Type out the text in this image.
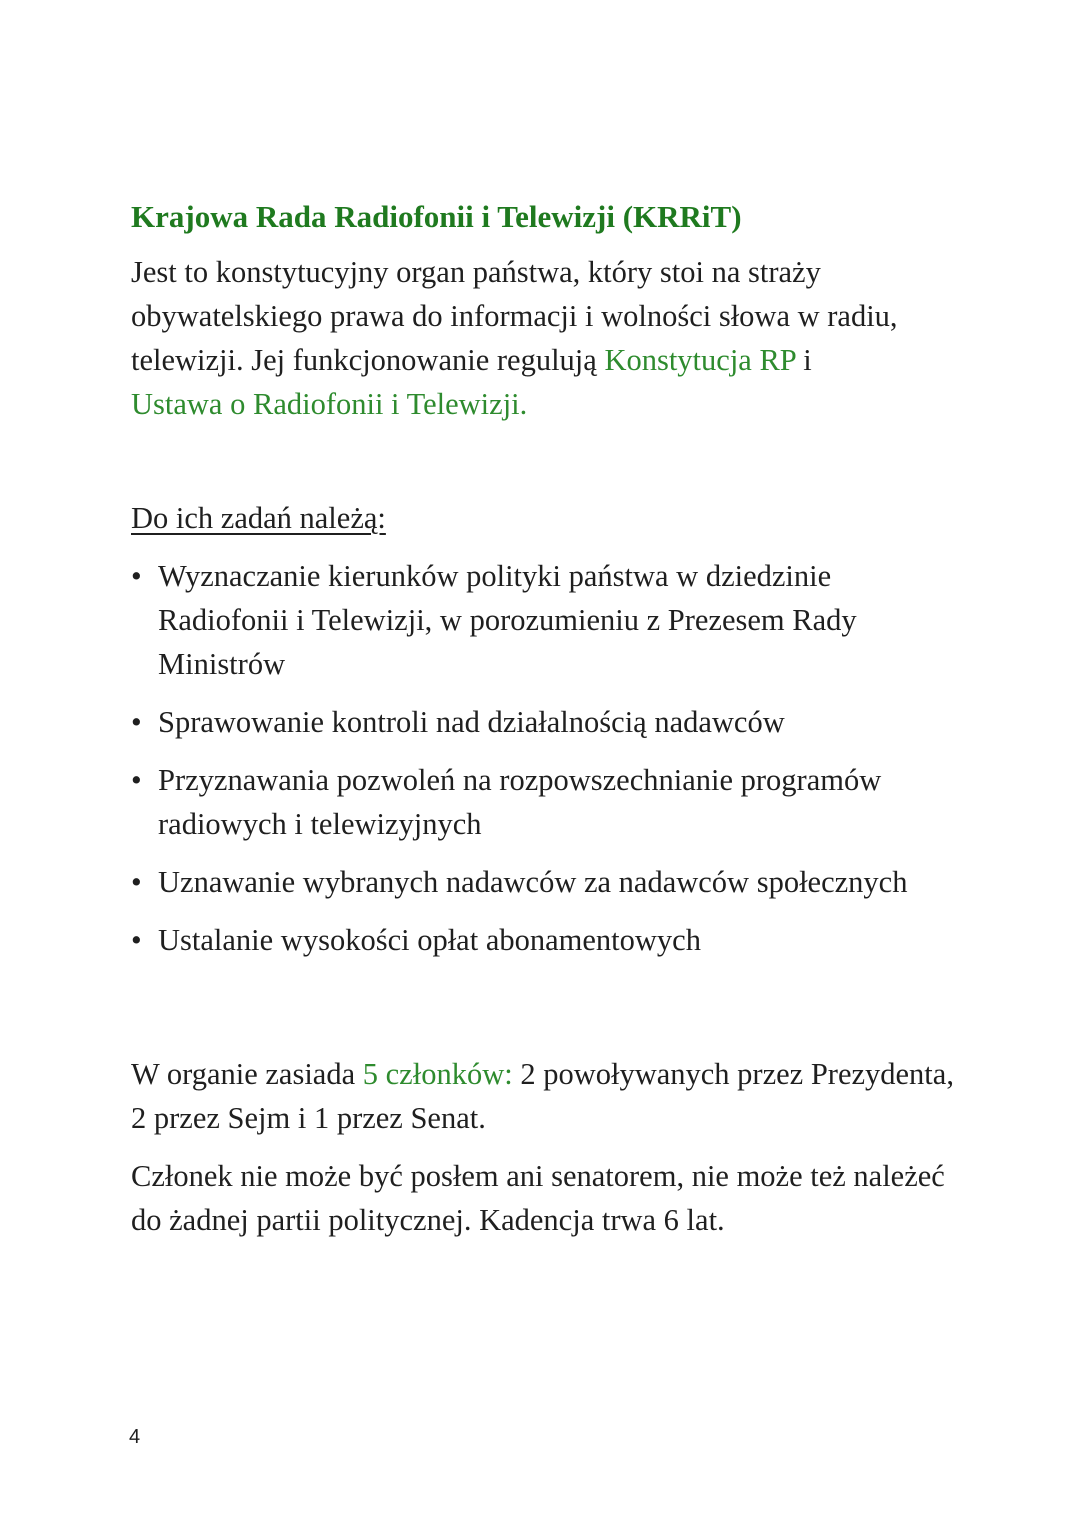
Krajowa Rada Radiofonii i Telewizji (KRRiT)

Jest to konstytucyjny organ państwa, który stoi na straży obywatelskiego prawa do informacji i wolności słowa w radiu, telewizji. Jej funkcjonowanie regulują Konstytucja RP i
Ustawa o Radiofonii i Telewizji.

Do ich zadań należą:

• Wyznaczanie kierunków polityki państwa w dziedzinie Radiofonii i Telewizji, w porozumieniu z Prezesem Rady Ministrów
• Sprawowanie kontroli nad działalnością nadawców
• Przyznawania pozwoleń na rozpowszechnianie programów radiowych i telewizyjnych
• Uznawanie wybranych nadawców za nadawców społecznych
• Ustalanie wysokości opłat abonamentowych

W organie zasiada 5 członków: 2 powoływanych przez Prezydenta, 2 przez Sejm i 1 przez Senat.

Członek nie może być posłem ani senatorem, nie może też należeć do żadnej partii politycznej. Kadencja trwa 6 lat.

4
